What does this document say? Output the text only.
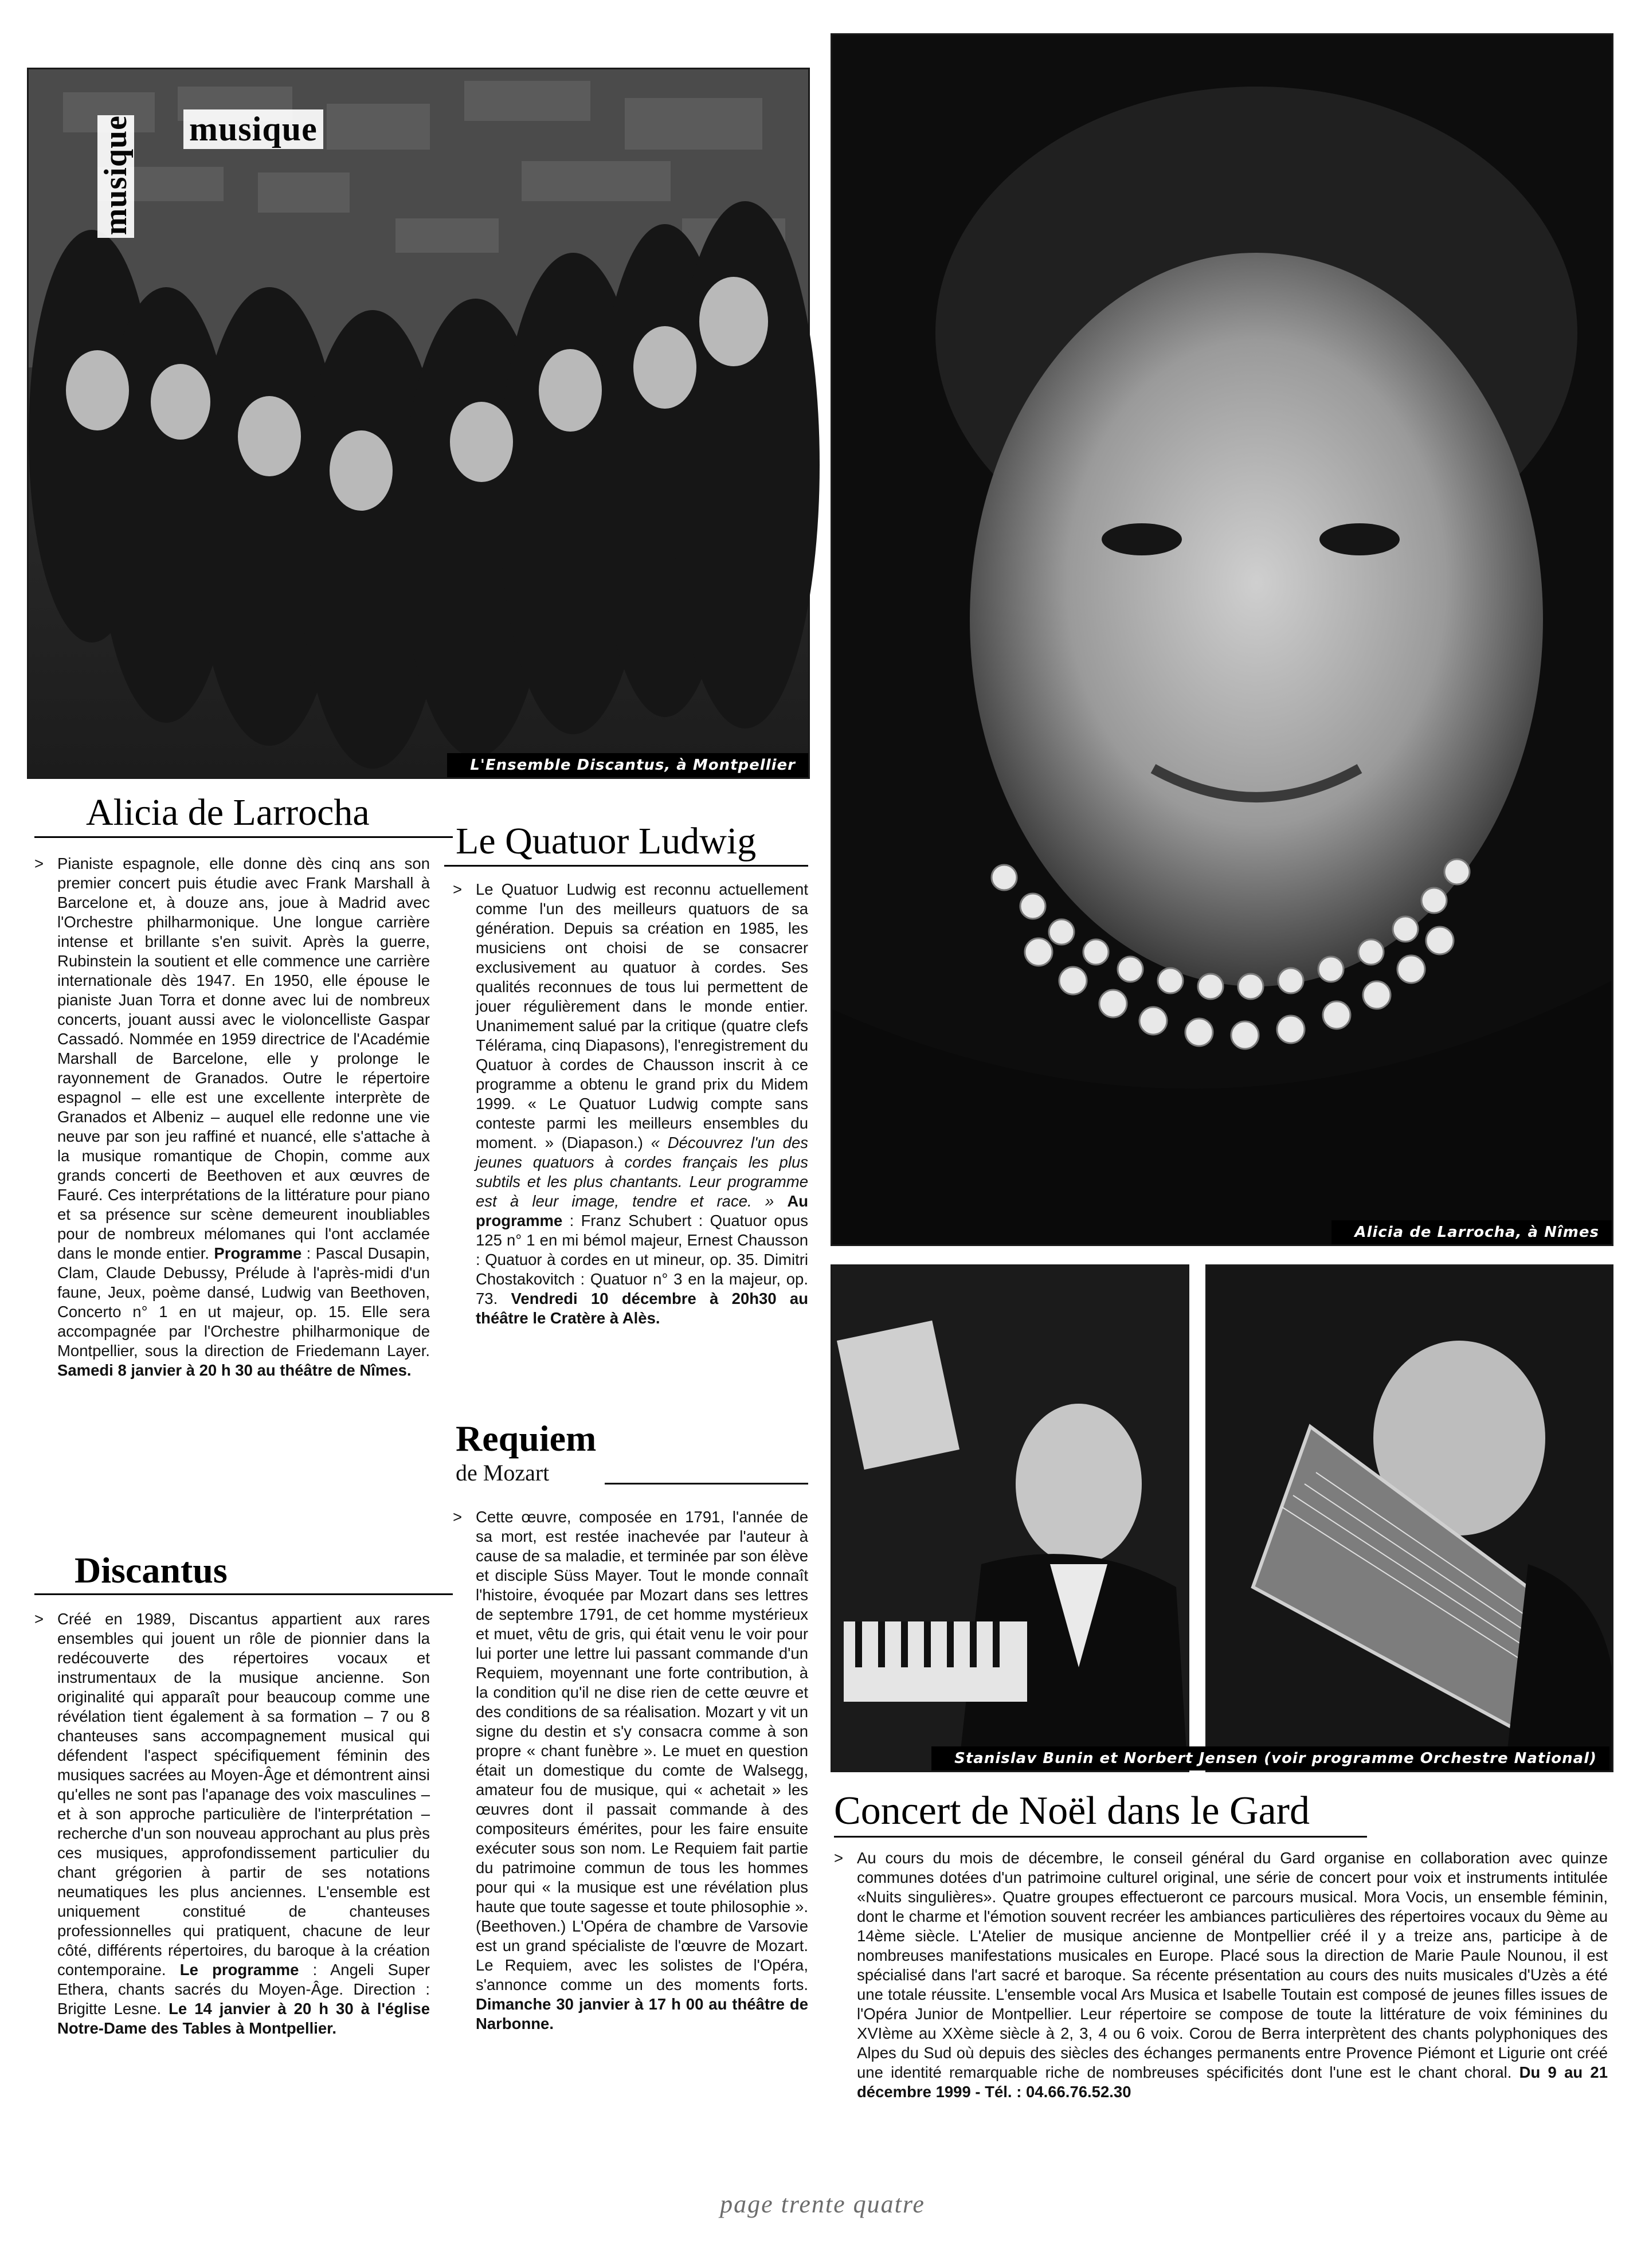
musique
musique
L'Ensemble Discantus, à Montpellier
Alicia de Larrocha, à Nîmes
Stanislav Bunin et Norbert Jensen (voir programme Orchestre National)
Alicia de Larrocha
> Pianiste espagnole, elle donne dès cinq ans son premier concert puis étudie avec Frank Marshall à Barcelone et, à douze ans, joue à Madrid avec l'Orchestre philharmonique. Une longue carrière intense et brillante s'en suivit. Après la guerre, Rubinstein la soutient et elle commence une carrière internationale dès 1947. En 1950, elle épouse le pianiste Juan Torra et donne avec lui de nombreux concerts, jouant aussi avec le violoncelliste Gaspar Cassadó. Nommée en 1959 directrice de l'Académie Marshall de Barcelone, elle y prolonge le rayonnement de Granados. Outre le répertoire espagnol – elle est une excellente interprète de Granados et Albeniz – auquel elle redonne une vie neuve par son jeu raffiné et nuancé, elle s'attache à la musique romantique de Chopin, comme aux grands concerti de Beethoven et aux œuvres de Fauré. Ces interprétations de la littérature pour piano et sa présence sur scène demeurent inoubliables pour de nombreux mélomanes qui l'ont acclamée dans le monde entier. Programme : Pascal Dusapin, Clam, Claude Debussy, Prélude à l'après-midi d'un faune, Jeux, poème dansé, Ludwig van Beethoven, Concerto n° 1 en ut majeur, op. 15. Elle sera accompagnée par l'Orchestre philharmonique de Montpellier, sous la direction de Friedemann Layer. Samedi 8 janvier à 20 h 30 au théâtre de Nîmes.

Discantus
> Créé en 1989, Discantus appartient aux rares ensembles qui jouent un rôle de pionnier dans la redécouverte des répertoires vocaux et instrumentaux de la musique ancienne. Son originalité qui apparaît pour beaucoup comme une révélation tient également à sa formation – 7 ou 8 chanteuses sans accompagnement musical qui défendent l'aspect spécifiquement féminin des musiques sacrées au Moyen-Âge et démontrent ainsi qu'elles ne sont pas l'apanage des voix masculines – et à son approche particulière de l'interprétation – recherche d'un son nouveau approchant au plus près ces musiques, approfondissement particulier du chant grégorien à partir de ses notations neumatiques les plus anciennes. L'ensemble est uniquement constitué de chanteuses professionnelles qui pratiquent, chacune de leur côté, différents répertoires, du baroque à la création contemporaine. Le programme : Angeli Super Ethera, chants sacrés du Moyen-Âge. Direction : Brigitte Lesne. Le 14 janvier à 20 h 30 à l'église Notre-Dame des Tables à Montpellier.

Le Quatuor Ludwig
> Le Quatuor Ludwig est reconnu actuellement comme l'un des meilleurs quatuors de sa génération. Depuis sa création en 1985, les musiciens ont choisi de se consacrer exclusivement au quatuor à cordes. Ses qualités reconnues de tous lui permettent de jouer régulièrement dans le monde entier. Unanimement salué par la critique (quatre clefs Télérama, cinq Diapasons), l'enregistrement du Quatuor à cordes de Chausson inscrit à ce programme a obtenu le grand prix du Midem 1999. « Le Quatuor Ludwig compte sans conteste parmi les meilleurs ensembles du moment. » (Diapason.) « Découvrez l'un des jeunes quatuors à cordes français les plus subtils et les plus chantants. Leur programme est à leur image, tendre et race. » Au programme : Franz Schubert : Quatuor opus 125 n° 1 en mi bémol majeur, Ernest Chausson : Quatuor à cordes en ut mineur, op. 35. Dimitri Chostakovitch : Quatuor n° 3 en la majeur, op. 73. Vendredi 10 décembre à 20h30 au théâtre le Cratère à Alès.

Requiem
de Mozart
> Cette œuvre, composée en 1791, l'année de sa mort, est restée inachevée par l'auteur à cause de sa maladie, et terminée par son élève et disciple Süss Mayer. Tout le monde connaît l'histoire, évoquée par Mozart dans ses lettres de septembre 1791, de cet homme mystérieux et muet, vêtu de gris, qui était venu le voir pour lui porter une lettre lui passant commande d'un Requiem, moyennant une forte contribution, à la condition qu'il ne dise rien de cette œuvre et des conditions de sa réalisation. Mozart y vit un signe du destin et s'y consacra comme à son propre « chant funèbre ». Le muet en question était un domestique du comte de Walsegg, amateur fou de musique, qui « achetait » les œuvres dont il passait commande à des compositeurs émérites, pour les faire ensuite exécuter sous son nom. Le Requiem fait partie du patrimoine commun de tous les hommes pour qui « la musique est une révélation plus haute que toute sagesse et toute philosophie ». (Beethoven.) L'Opéra de chambre de Varsovie est un grand spécialiste de l'œuvre de Mozart. Le Requiem, avec les solistes de l'Opéra, s'annonce comme un des moments forts. Dimanche 30 janvier à 17 h 00 au théâtre de Narbonne.

Concert de Noël dans le Gard
> Au cours du mois de décembre, le conseil général du Gard organise en collaboration avec quinze communes dotées d'un patrimoine culturel original, une série de concert pour voix et instruments intitulée «Nuits singulières». Quatre groupes effectueront ce parcours musical. Mora Vocis, un ensemble féminin, dont le charme et l'émotion souvent recréer les ambiances particulières des répertoires vocaux du 9ème au 14ème siècle. L'Atelier de musique ancienne de Montpellier créé il y a treize ans, participe à de nombreuses manifestations musicales en Europe. Placé sous la direction de Marie Paule Nounou, il est spécialisé dans l'art sacré et baroque. Sa récente présentation au cours des nuits musicales d'Uzès a été une totale réussite. L'ensemble vocal Ars Musica et Isabelle Toutain est composé de jeunes filles issues de l'Opéra Junior de Montpellier. Leur répertoire se compose de toute la littérature de voix féminines du XVIème au XXème siècle à 2, 3, 4 ou 6 voix. Corou de Berra interprètent des chants polyphoniques des Alpes du Sud où depuis des siècles des échanges permanents entre Provence Piémont et Ligurie ont créé une identité remarquable riche de nombreuses spécificités dont l'une est le chant choral. Du 9 au 21 décembre 1999 - Tél. : 04.66.76.52.30

page trente quatre
